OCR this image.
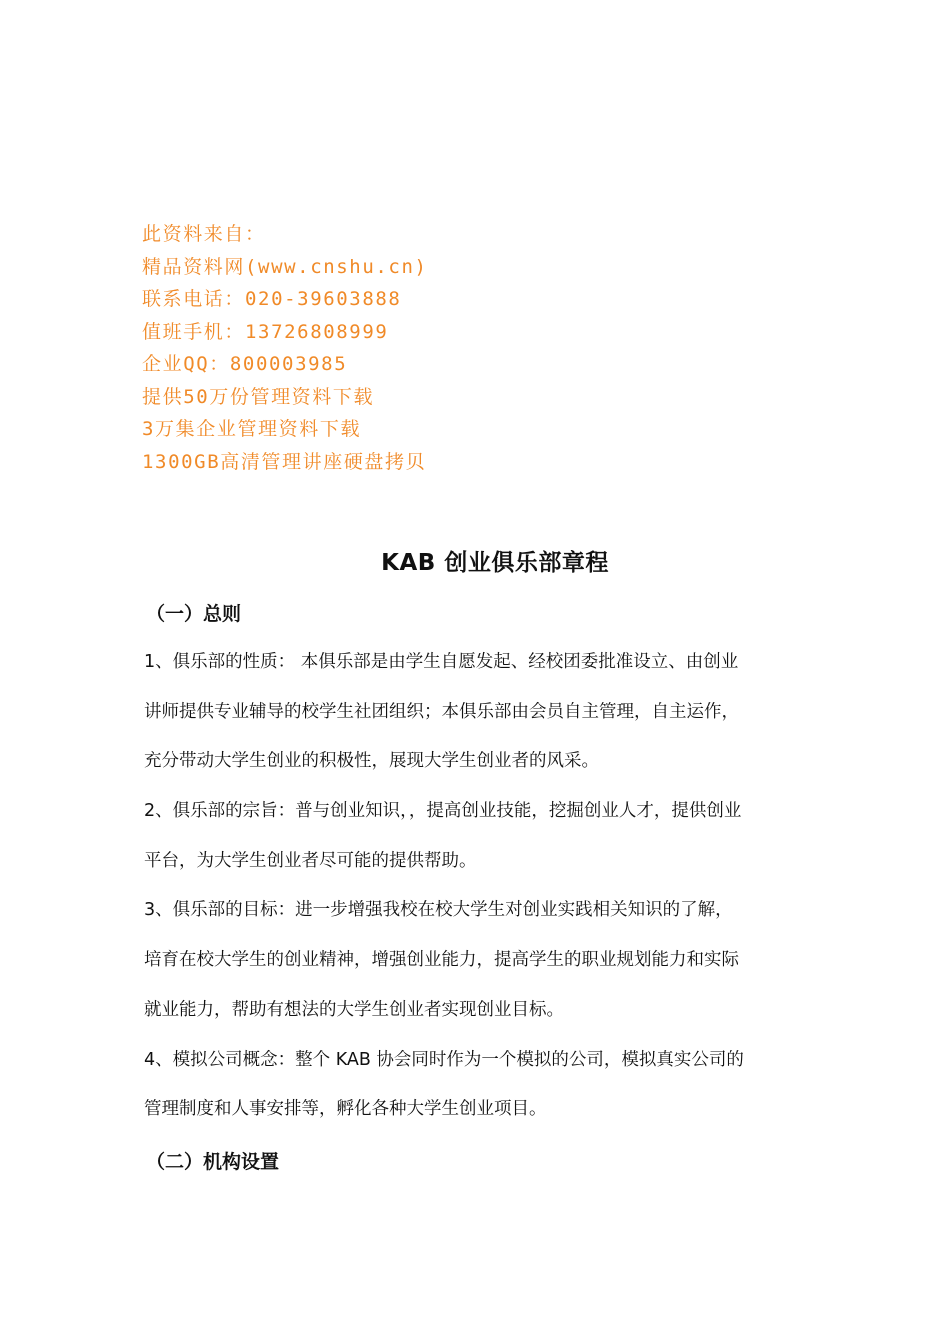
此资料来自：
精品资料网(www.cnshu.cn)
联系电话：020-39603888
值班手机：13726808999
企业QQ：800003985
提供50万份管理资料下载
3万集企业管理资料下载
1300GB高清管理讲座硬盘拷贝
KAB 创业俱乐部章程
（一）总则
1、俱乐部的性质： 本俱乐部是由学生自愿发起、经校团委批准设立、由创业
讲师提供专业辅导的校学生社团组织；本俱乐部由会员自主管理，自主运作，
充分带动大学生创业的积极性，展现大学生创业者的风采。
2、俱乐部的宗旨：普与创业知识，，提高创业技能，挖掘创业人才，提供创业
平台，为大学生创业者尽可能的提供帮助。
3、俱乐部的目标：进一步增强我校在校大学生对创业实践相关知识的了解，
培育在校大学生的创业精神，增强创业能力，提高学生的职业规划能力和实际
就业能力，帮助有想法的大学生创业者实现创业目标。
4、模拟公司概念：整个 KAB 协会同时作为一个模拟的公司，模拟真实公司的
管理制度和人事安排等，孵化各种大学生创业项目。
（二）机构设置
